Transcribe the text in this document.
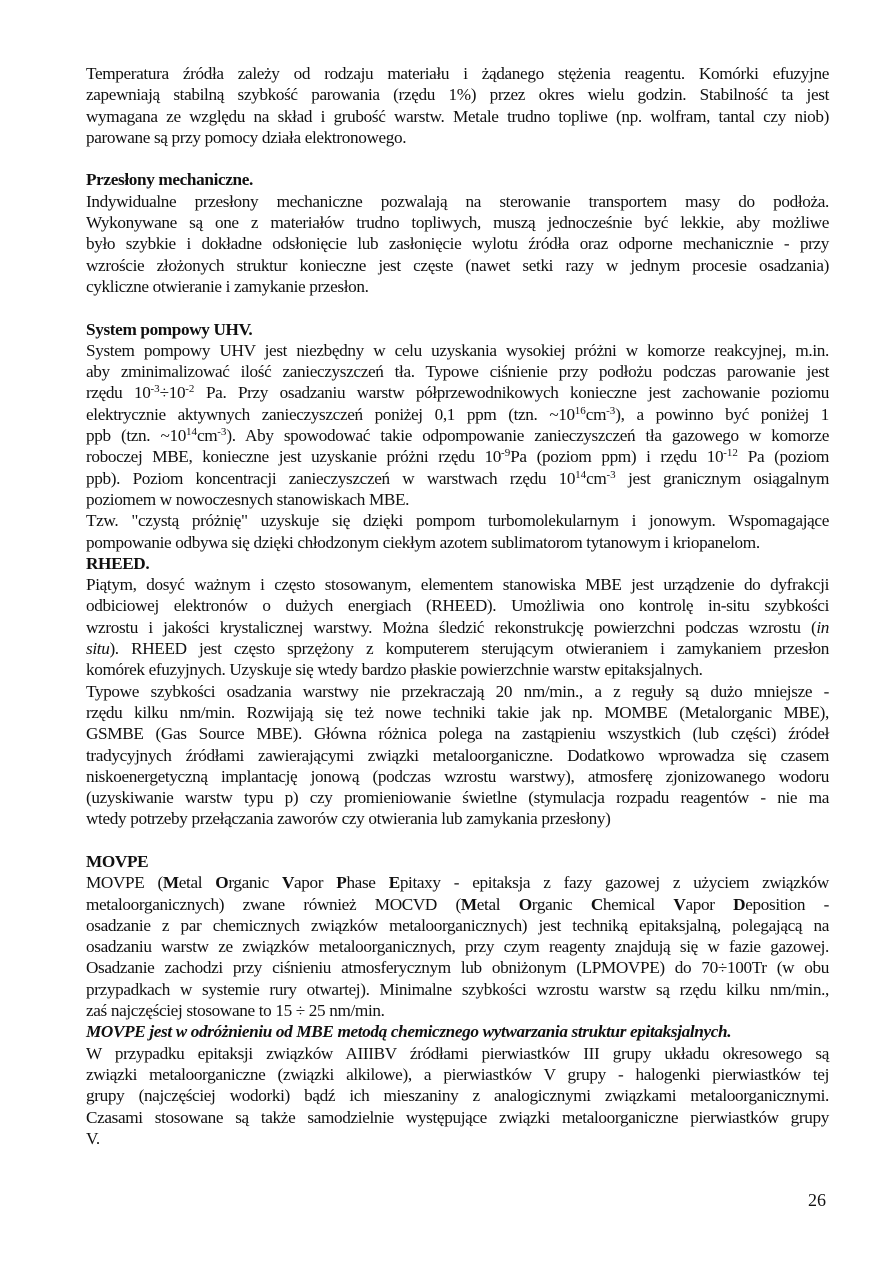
Temperatura źródła zależy od rodzaju materiału i żądanego stężenia reagentu. Komórki efuzyjne
zapewniają stabilną szybkość parowania (rzędu 1%) przez okres wielu godzin. Stabilność ta jest
wymagana ze względu na skład i grubość warstw. Metale trudno topliwe (np. wolfram, tantal czy niob)
parowane są przy pomocy działa elektronowego.
Przesłony mechaniczne.
Indywidualne przesłony mechaniczne pozwalają na sterowanie transportem masy do podłoża.
Wykonywane są one z materiałów trudno topliwych, muszą jednocześnie być lekkie, aby możliwe
było szybkie i dokładne odsłonięcie lub zasłonięcie wylotu źródła oraz odporne mechanicznie - przy
wzroście złożonych struktur konieczne jest częste (nawet setki razy w jednym procesie osadzania)
cykliczne otwieranie i zamykanie przesłon.
System pompowy UHV.
System pompowy UHV jest niezbędny w celu uzyskania wysokiej próżni w komorze reakcyjnej, m.in.
aby zminimalizować ilość zanieczyszczeń tła. Typowe ciśnienie przy podłożu podczas parowanie jest
rzędu $10^{-3}\div 10^{-2}$ Pa. Przy osadzaniu warstw półprzewodnikowych konieczne jest zachowanie poziomu
elektrycznie aktywnych zanieczyszczeń poniżej 0,1 ppm (tzn. $\sim 10^{16}cm^{-3}$), a powinno być poniżej 1
ppb (tzn. $\sim 10^{14}cm^{-3}$). Aby spowodować takie odpompowanie zanieczyszczeń tła gazowego w komorze
roboczej MBE, konieczne jest uzyskanie próżni rzędu $10^{-9}Pa$ (poziom ppm) i rzędu $10^{-12}$ Pa (poziom
ppb). Poziom koncentracji zanieczyszczeń w warstwach rzędu $10^{14}cm^{-3}$ jest granicznym osiągalnym
poziomem w nowoczesnych stanowiskach MBE.
Tzw. "czystą próżnię" uzyskuje się dzięki pompom turbomolekularnym i jonowym. Wspomagające
pompowanie odbywa się dzięki chłodzonym ciekłym azotem sublimatorom tytanowym i kriopanelom.
RHEED.
Piątym, dosyć ważnym i często stosowanym, elementem stanowiska MBE jest urządzenie do dyfrakcji
odbiciowej elektronów o dużych energiach (RHEED). Umożliwia ono kontrolę in-situ szybkości
wzrostu i jakości krystalicznej warstwy. Można śledzić rekonstrukcję powierzchni podczas wzrostu (in
situ). RHEED jest często sprzężony z komputerem sterującym otwieraniem i zamykaniem przesłon
komórek efuzyjnych. Uzyskuje się wtedy bardzo płaskie powierzchnie warstw epitaksjalnych.
Typowe szybkości osadzania warstwy nie przekraczają 20 nm/min., a z reguły są dużo mniejsze -
rzędu kilku nm/min. Rozwijają się też nowe techniki takie jak np. MOMBE (Metalorganic MBE),
GSMBE (Gas Source MBE). Główna różnica polega na zastąpieniu wszystkich (lub części) źródeł
tradycyjnych źródłami zawierającymi związki metaloorganiczne. Dodatkowo wprowadza się czasem
niskoenergetyczną implantację jonową (podczas wzrostu warstwy), atmosferę zjonizowanego wodoru
(uzyskiwanie warstw typu p) czy promieniowanie świetlne (stymulacja rozpadu reagentów - nie ma
wtedy potrzeby przełączania zaworów czy otwierania lub zamykania przesłony)
MOVPE
MOVPE (Metal Organic Vapor Phase Epitaxy - epitaksja z fazy gazowej z użyciem związków
metaloorganicznych) zwane również MOCVD (Metal Organic Chemical Vapor Deposition -
osadzanie z par chemicznych związków metaloorganicznych) jest techniką epitaksjalną, polegającą na
osadzaniu warstw ze związków metaloorganicznych, przy czym reagenty znajdują się w fazie gazowej.
Osadzanie zachodzi przy ciśnieniu atmosferycznym lub obniżonym (LPMOVPE) do 70÷100Tr (w obu
przypadkach w systemie rury otwartej). Minimalne szybkości wzrostu warstw są rzędu kilku nm/min.,
zaś najczęściej stosowane to 15 ÷ 25 nm/min.
MOVPE jest w odróżnieniu od MBE metodą chemicznego wytwarzania struktur epitaksjalnych.
W przypadku epitaksji związków AIIIBV źródłami pierwiastków III grupy układu okresowego są
związki metaloorganiczne (związki alkilowe), a pierwiastków V grupy - halogenki pierwiastków tej
grupy (najczęściej wodorki) bądź ich mieszaniny z analogicznymi związkami metaloorganicznymi.
Czasami stosowane są także samodzielnie występujące związki metaloorganiczne pierwiastków grupy
V.
26
